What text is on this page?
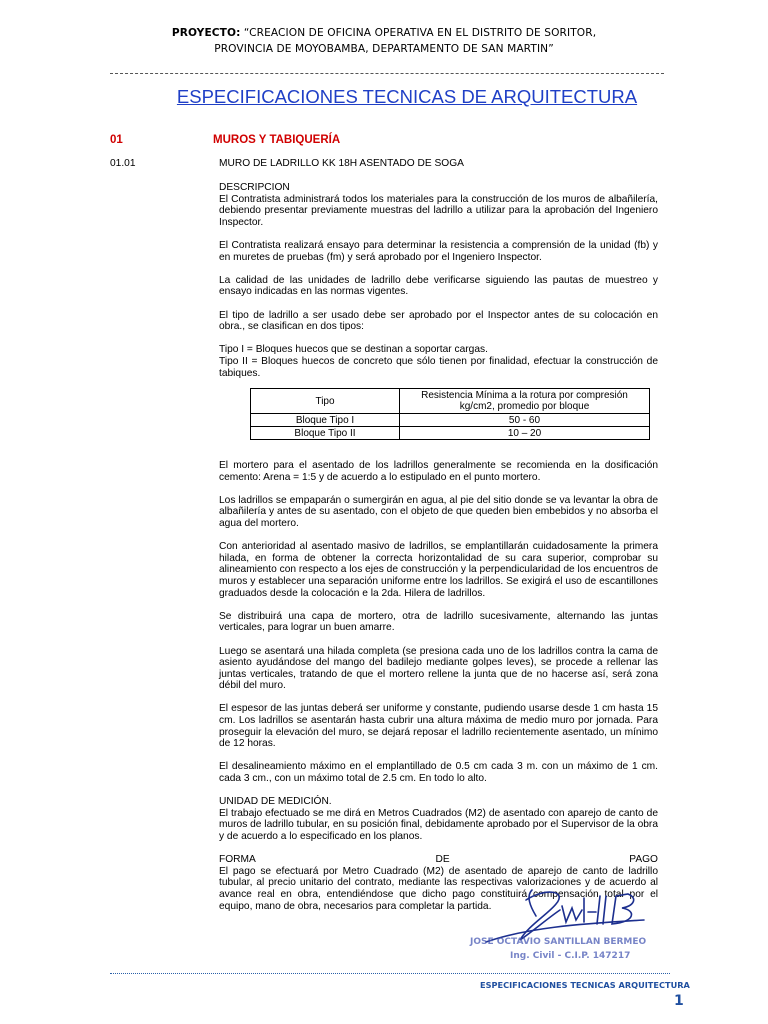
PROYECTO: “CREACION DE OFICINA OPERATIVA EN EL DISTRITO DE SORITOR,
PROVINCIA DE MOYOBAMBA, DEPARTAMENTO DE SAN MARTIN”
ESPECIFICACIONES TECNICAS DE ARQUITECTURA
01	MUROS Y TABIQUERÍA
01.01	MURO DE LADRILLO KK 18H ASENTADO DE SOGA

DESCRIPCION

El Contratista administrará todos los materiales para la construcción de los muros de albañilería, debiendo presentar previamente muestras del ladrillo a utilizar para la aprobación del Ingeniero Inspector.

El Contratista realizará ensayo para determinar la resistencia a comprensión de la unidad (fb) y en muretes de pruebas (fm) y será aprobado por el Ingeniero Inspector.

La calidad de las unidades de ladrillo debe verificarse siguiendo las pautas de muestreo y ensayo indicadas en las normas vigentes.

El tipo de ladrillo a ser usado debe ser aprobado por el Inspector antes de su colocación en obra., se clasifican en dos tipos:

Tipo I = Bloques huecos que se destinan a soportar cargas.

Tipo II = Bloques huecos de concreto que sólo tienen por finalidad, efectuar la construcción de tabiques.

Tipo	Resistencia Mínima a la rotura por compresión kg/cm2, promedio por bloque
Bloque Tipo I	50 - 60
Bloque Tipo II	10 – 20

El mortero para el asentado de los ladrillos generalmente se recomienda en la dosificación cemento: Arena = 1:5 y de acuerdo a lo estipulado en el punto mortero.

Los ladrillos se empaparán o sumergirán en agua, al pie del sitio donde se va levantar la obra de albañilería y antes de su asentado, con el objeto de que queden bien embebidos y no absorba el agua del mortero.

Con anterioridad al asentado masivo de ladrillos, se emplantillarán cuidadosamente la primera hilada, en forma de obtener la correcta horizontalidad de su cara superior, comprobar su alineamiento con respecto a los ejes de construcción y la perpendicularidad de los encuentros de muros y establecer una separación uniforme entre los ladrillos. Se exigirá el uso de escantillones graduados desde la colocación e la 2da. Hilera de ladrillos.

Se distribuirá una capa de mortero, otra de ladrillo sucesivamente, alternando las juntas verticales, para lograr un buen amarre.

Luego se asentará una hilada completa (se presiona cada uno de los ladrillos contra la cama de asiento ayudándose del mango del badilejo mediante golpes leves), se procede a rellenar las juntas verticales, tratando de que el mortero rellene la junta que de no hacerse así, será zona débil del muro.

El espesor de las juntas deberá ser uniforme y constante, pudiendo usarse desde 1 cm hasta 15 cm. Los ladrillos se asentarán hasta cubrir una altura máxima de medio muro por jornada. Para proseguir la elevación del muro, se dejará reposar el ladrillo recientemente asentado, un mínimo de 12 horas.

El desalineamiento máximo en el emplantillado de 0.5 cm cada 3 m. con un máximo de 1 cm. cada 3 cm., con un máximo total de 2.5 cm. En todo lo alto.

UNIDAD DE MEDICIÓN.

El trabajo efectuado se me dirá en Metros Cuadrados (M2) de asentado con aparejo de canto de muros de ladrillo tubular, en su posición final, debidamente aprobado por el Supervisor de la obra y de acuerdo a lo especificado en los planos.

FORMA	DE	PAGO

El pago se efectuará por Metro Cuadrado (M2) de asentado de aparejo de canto de ladrillo tubular, al precio unitario del contrato, mediante las respectivas valorizaciones y de acuerdo al avance real en obra, entendiéndose que dicho pago constituirá compensación total por el equipo, mano de obra, necesarios para completar la partida.

JOSE OCTAVIO SANTILLAN BERMEO
Ing. Civil - C.I.P. 147217
ESPECIFICACIONES TECNICAS ARQUITECTURA
1
